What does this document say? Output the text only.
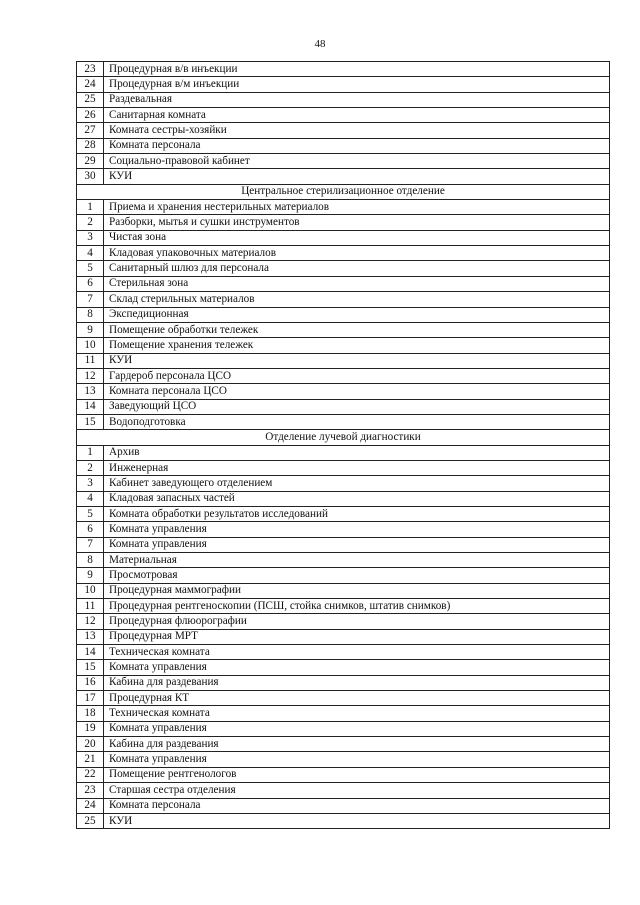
48
23	Процедурная в/в инъекции
24	Процедурная в/м инъекции
25	Раздевальная
26	Санитарная комната
27	Комната сестры-хозяйки
28	Комната персонала
29	Социально-правовой кабинет
30	КУИ
Центральное стерилизационное отделение	
1	Приема и хранения нестерильных материалов
2	Разборки, мытья и сушки инструментов
3	Чистая зона
4	Кладовая упаковочных материалов
5	Санитарный шлюз для персонала
6	Стерильная зона
7	Склад стерильных материалов
8	Экспедиционная
9	Помещение обработки тележек
10	Помещение хранения тележек
11	КУИ
12	Гардероб персонала ЦСО
13	Комната персонала ЦСО
14	Заведующий ЦСО
15	Водоподготовка
Отделение лучевой диагностики	
1	Архив
2	Инженерная
3	Кабинет заведующего отделением
4	Кладовая запасных частей
5	Комната обработки результатов исследований
6	Комната управления
7	Комната управления
8	Материальная
9	Просмотровая
10	Процедурная маммографии
11	Процедурная рентгеноскопии (ПСШ, стойка снимков, штатив снимков)
12	Процедурная флюорографии
13	Процедурная МРТ
14	Техническая комната
15	Комната управления
16	Кабина для раздевания
17	Процедурная КТ
18	Техническая комната
19	Комната управления
20	Кабина для раздевания
21	Комната управления
22	Помещение рентгенологов
23	Старшая сестра отделения
24	Комната персонала
25	КУИ
